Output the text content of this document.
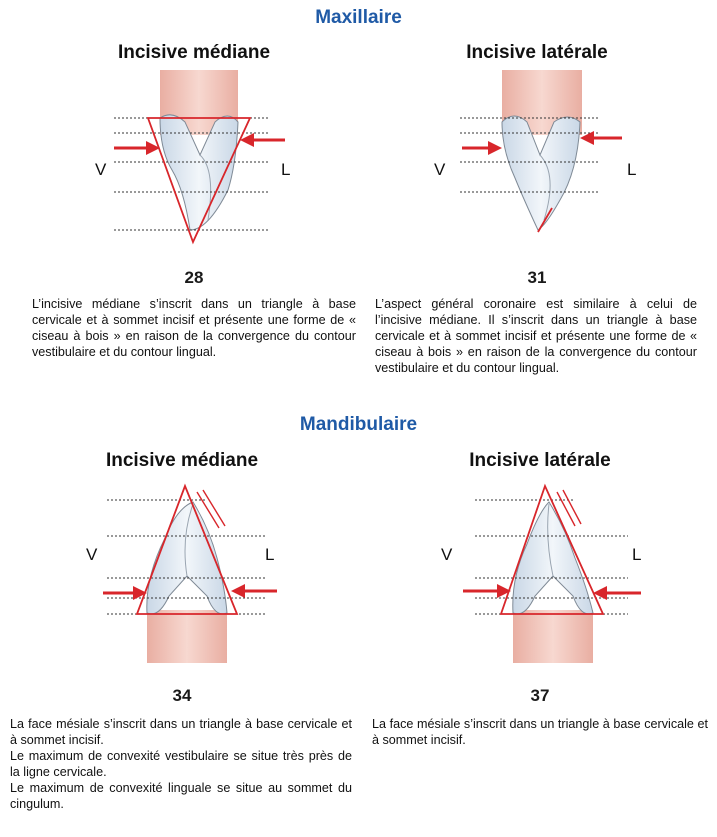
Maxillaire
Mandibulaire
Incisive médiane	Incisive latérale
Incisive médiane	Incisive latérale
V	L	V	L
28	31
L’incisive médiane s’inscrit dans un triangle à base cervicale et à sommet incisif et présente une forme de « ciseau à bois » en raison de la convergence du contour vestibulaire et du contour lingual.
L’aspect général coronaire est similaire à celui de l’incisive médiane. Il s’inscrit dans un triangle à base cervicale et à sommet incisif et présente une forme de « ciseau à bois » en raison de la convergence du contour vestibulaire et du contour lingual.
V	L	V	L
34	37
La face mésiale s’inscrit dans un triangle à base cervicale et à sommet incisif.
Le maximum de convexité vestibulaire se situe très près de la ligne cervicale.
Le maximum de convexité linguale se situe au sommet du cingulum.
La face mésiale s’inscrit dans un triangle à base cervicale et à sommet incisif.
